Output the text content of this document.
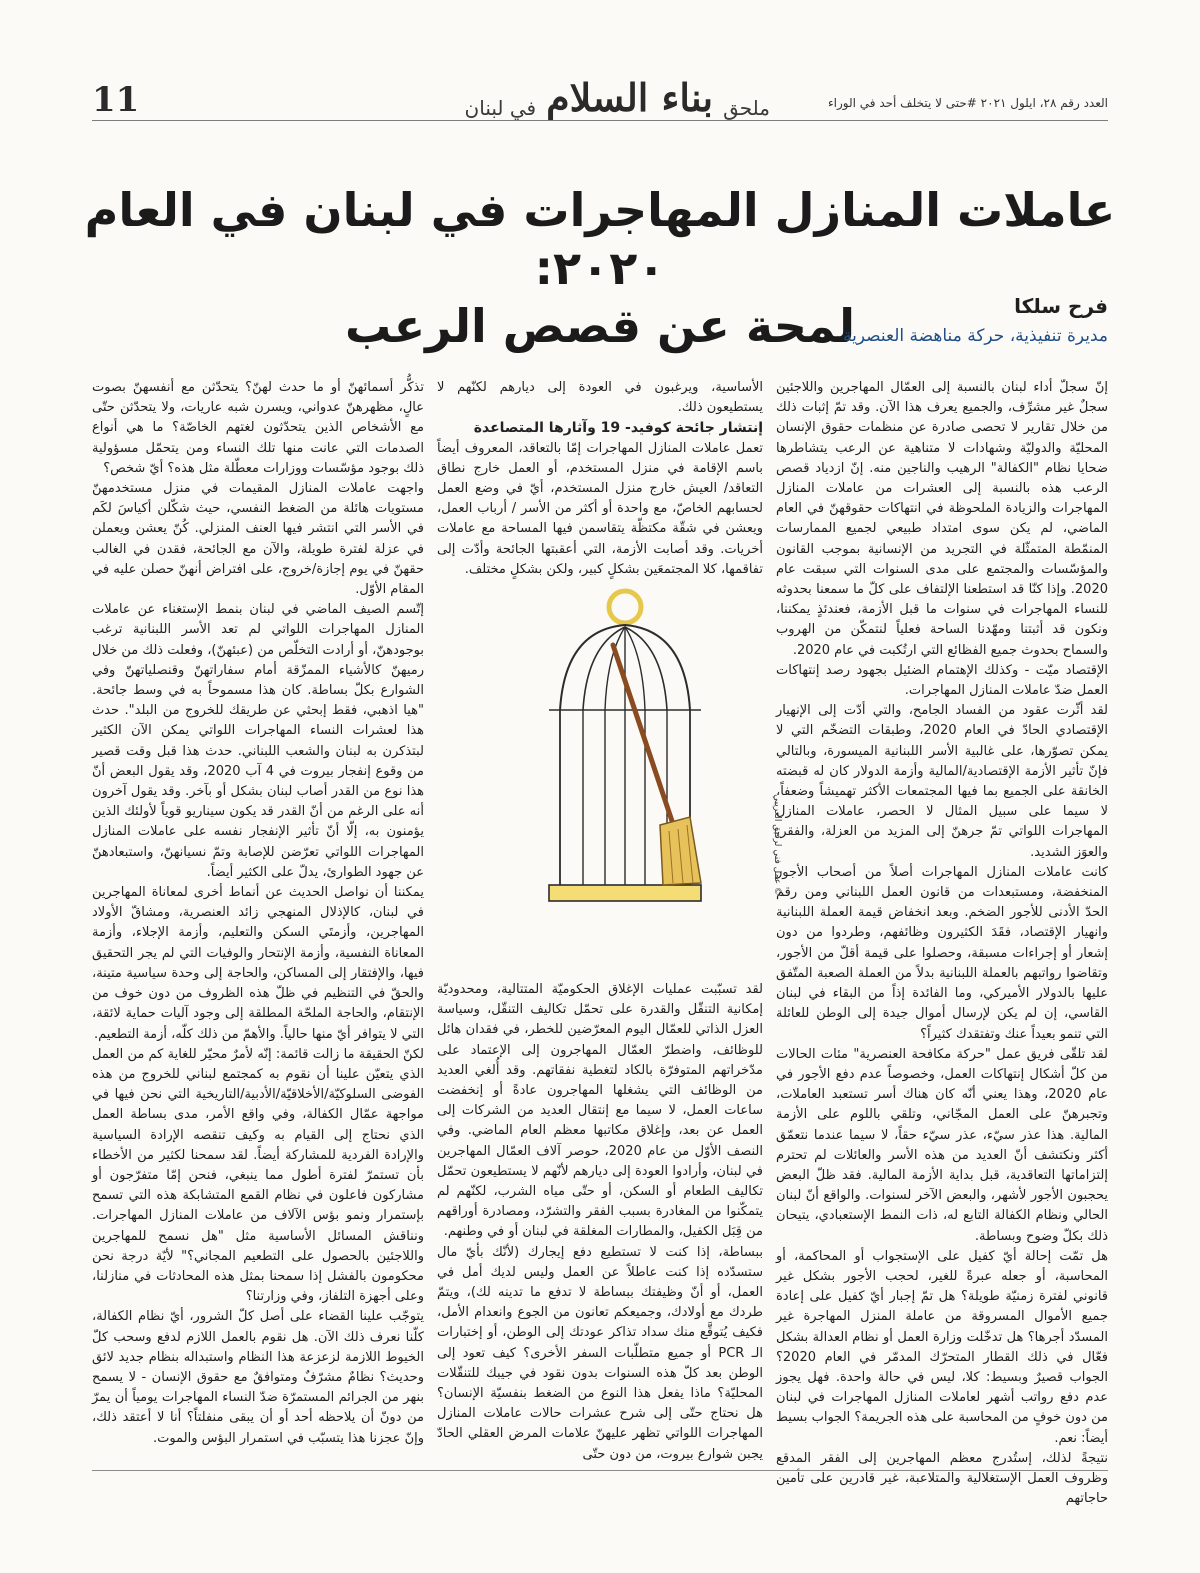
11	ملحق
بناء السلام
في لبنان	العدد رقم ٢٨، ايلول ٢٠٢١ #حتى لا يتخلف أحد في الوراء
عاملات المنازل المهاجرات في لبنان في العام ٢٠٢٠:
لمحة عن قصص الرعب	فرح سلكا
مديرة تنفيذية، حركة مناهضة العنصرية

إنّ سجلّ أداء لبنان بالنسبة إلى العمّال المهاجرين واللاجئين سجلٌ غير مشرِّف، والجميع يعرف هذا الآن. وقد تمّ إثبات ذلك من خلال تقارير لا تحصى صادرة عن منظمات حقوق الإنسان المحليّة والدوليّة وشهادات لا متناهية عن الرعب يتشاطرها ضحايا نظام "الكفالة" الرهيب والناجين منه. إنّ ازدياد قصص الرعب هذه بالنسبة إلى العشرات من عاملات المنازل المهاجرات والزيادة الملحوظة في انتهاكات حقوقهنّ في العام الماضي، لم يكن سوى امتداد طبيعي لجميع الممارسات المنمّطة المتمثّلة في التجريد من الإنسانية بموجب القانون والمؤسّسات والمجتمع على مدى السنوات التي سبقت عام 2020. وإذا كنّا قد استطعنا الإلتفاف على كلّ ما سمعنا بحدوثه للنساء المهاجرات في سنوات ما قبل الأزمة، فعندئذٍ يمكننا، ونكون قد أثبتنا ومهّدنا الساحة فعلياً لنتمكّن من الهروب والسماح بحدوث جميع الفظائع التي ارتُكبت في عام 2020.

الإقتصاد ميّت - وكذلك الإهتمام الضئيل بجهود رصد إنتهاكات العمل ضدّ عاملات المنازل المهاجرات.

لقد أثّرت عقود من الفساد الجامح، والتي أدّت إلى الإنهيار الإقتصادي الحادّ في العام 2020، وطبقات التضخّم التي لا يمكن تصوّرها، على غالبية الأسر اللبنانية الميسورة، وبالتالي فإنّ تأثير الأزمة الإقتصادية/المالية وأزمة الدولار كان له قبضته الخانقة على الجميع بما فيها المجتمعات الأكثر تهميشاً وضعفاً، لا سيما على سبيل المثال لا الحصر، عاملات المنازل المهاجرات اللواتي تمّ جرهنّ إلى المزيد من العزلة، والفقر، والعوَز الشديد.

كانت عاملات المنازل المهاجرات أصلاً من أصحاب الأجور المنخفضة، ومستبعدات من قانون العمل اللبناني ومن رقم الحدّ الأدنى للأجور الضخم. وبعد انخفاض قيمة العملة اللبنانية وانهيار الإقتصاد، فقَدَ الكثيرون وظائفهم، وطردوا من دون إشعار أو إجراءات مسبقة، وحصلوا على قيمة أقلّ من الأجور، وتقاضوا رواتبهم بالعملة اللبنانية بدلاً من العملة الصعبة المتّفق عليها بالدولار الأميركي، وما الفائدة إذاً من البقاء في لبنان القاسي، إن لم يكن لإرسال أموال جيدة إلى الوطن للعائلة التي تنمو بعيداً عنك وتفتقدك كثيراً؟

لقد تلقّى فريق عمل "حركة مكافحة العنصرية" مئات الحالات من كلّ أشكال إنتهاكات العمل، وخصوصاً عدم دفع الأجور في عام 2020، وهذا يعني أنّه كان هناك أسر تستعبد العاملات، وتجبرهنّ على العمل المجّاني، وتلقي باللوم على الأزمة المالية. هذا عذر سيّء، عذر سيّء حقاً، لا سيما عندما نتعمّق أكثر ونكتشف أنّ العديد من هذه الأسر والعائلات لم تحترم إلتزاماتها التعاقدية، قبل بداية الأزمة المالية. فقد ظلّ البعض يحجبون الأجور لأشهر، والبعض الآخر لسنوات. والواقع أنّ لبنان الحالي ونظام الكفالة التابع له، ذات النمط الإستعبادي، يتيحان ذلك بكلّ وضوح وبساطة.

هل تمّت إحالة أيّ كفيل على الإستجواب أو المحاكمة، أو المحاسبة، أو جعله عبرةً للغير، لحجب الأجور بشكل غير قانوني لفترة زمنيّة طويلة؟ هل تمّ إجبار أيّ كفيل على إعادة جميع الأموال المسروقة من عاملة المنزل المهاجرة غير المسدّد أجرها؟ هل تدخّلت وزارة العمل أو نظام العدالة بشكل فعّال في ذلك القطار المتحرّك المدمّر في العام 2020؟ الجواب قصيرٌ وبسيط: كلا، ليس في حالة واحدة. فهل يجوز عدم دفع رواتب أشهر لعاملات المنازل المهاجرات في لبنان من دون خوفٍ من المحاسبة على هذه الجريمة؟ الجواب بسيط أيضاً: نعم.

نتيجةً لذلك، إستُدرج معظم المهاجرين إلى الفقر المدقع وظروف العمل الإستغلالية والمتلاعبة، غير قادرين على تأمين حاجاتهم

الأساسية، ويرغبون في العودة إلى ديارهم لكنّهم لا يستطيعون ذلك.

إنتشار جائحة كوفيد- 19 وآثارها المتصاعدة

تعمل عاملات المنازل المهاجرات إمّا بالتعاقد، المعروف أيضاً باسم الإقامة في منزل المستخدم، أو العمل خارج نطاق التعاقد/ العيش خارج منزل المستخدم، أيّ في وضع العمل لحسابهم الخاصّ، مع واحدة أو أكثر من الأسر / أرباب العمل، ويعشن في شقّة مكتظّة يتقاسمن فيها المساحة مع عاملات أخريات. وقد أصابت الأزمة، التي أعقبتها الجائحة وأدّت إلى تفاقمها، كلا المجتمعَين بشكلٍ كبير، ولكن بشكلٍ مختلف.

© عمل فني لرفيق العريبي

لقد تسبّبت عمليات الإغلاق الحكوميّة المتتالية، ومحدوديّة إمكانية التنقّل والقدرة على تحمّل تكاليف التنقّل، وسياسة العزل الذاتي للعمّال اليوم المعرّضين للخطر، في فقدان هائل للوظائف، واضطرّ العمّال المهاجرون إلى الإعتماد على مدّخراتهم المتوفرّة بالكاد لتغطية نفقاتهم. وقد أُلغي العديد من الوظائف التي يشغلها المهاجرون عادةً أو إنخفضت ساعات العمل، لا سيما مع إنتقال العديد من الشركات إلى العمل عن بعد، وإغلاق مكاتبها معظم العام الماضي. وفي النصف الأوّل من عام 2020، حوصر آلاف العمّال المهاجرين في لبنان، وأرادوا العودة إلى ديارهم لأنّهم لا يستطيعون تحمّل تكاليف الطعام أو السكن، أو حتّى مياه الشرب، لكنّهم لم يتمكّنوا من المغادرة بسبب الفقر والتشرّد، ومصادرة أوراقهم من قِبَل الكفيل، والمطارات المغلقة في لبنان أو في وطنهم.

ببساطة، إذا كنت لا تستطيع دفع إيجارك (لأنّك بأيّ مال ستسدّده إذا كنت عاطلاً عن العمل وليس لديك أمل في العمل، أو أنّ وظيفتك ببساطة لا تدفع ما تدينه لك)، ويتمّ طردك مع أولادك، وجميعكم تعانون من الجوع وانعدام الأمل، فكيف يُتوقَّع منك سداد تذاكر عودتك إلى الوطن، أو إختبارات الـ PCR أو جميع متطلّبات السفر الأخرى؟ كيف تعود إلى الوطن بعد كلّ هذه السنوات بدون نقود في جيبك للتنقّلات المحليّة؟ ماذا يفعل هذا النوع من الضغط بنفسيّة الإنسان؟ هل نحتاج حتّى إلى شرح عشرات حالات عاملات المنازل المهاجرات اللواتي تظهر عليهنّ علامات المرض العقلي الحادّ يجبن شوارع بيروت، من دون حتّى

تذكُّر أسمائهنّ أو ما حدث لهنّ؟ يتحدّثن مع أنفسهنّ بصوت عالٍ، مظهرهنّ عدواني، ويسرن شبه عاريات، ولا يتحدّثن حتّى مع الأشخاص الذين يتحدّثون لغتهم الخاصّة؟ ما هي أنواع الصدمات التي عانت منها تلك النساء ومن يتحمّل مسؤولية ذلك بوجود مؤسّسات ووزارات معطّلة مثل هذه؟ أيّ شخص؟

واجهت عاملات المنازل المقيمات في منزل مستخدمهنّ مستويات هائلة من الضغط النفسي، حيث شكّلن أكياسَ لكَم في الأسر التي انتشر فيها العنف المنزلي. كُنّ يعشن ويعملن في عزلة لفترة طويلة، والآن مع الجائحة، فقدن في الغالب حقهنّ في يوم إجازة/خروج، على افتراض أنهنّ حصلن عليه في المقام الأوّل.

إتّسم الصيف الماضي في لبنان بنمط الإستغناء عن عاملات المنازل المهاجرات اللواتي لم تعد الأسر اللبنانية ترغب بوجودهنّ، أو أرادت التخلّص من (عبئهنّ)، وفعلت ذلك من خلال رميهنّ كالأشياء الممزّقة أمام سفاراتهنّ وقنصلياتهنّ وفي الشوارع بكلّ بساطة. كان هذا مسموحاً به في وسط جائحة. "هيا اذهبي، فقط إبحثي عن طريقك للخروج من البلد". حدث هذا لعشرات النساء المهاجرات اللواتي يمكن الآن الكثير لبتذكرن به لبنان والشعب اللبناني. حدث هذا قبل وقت قصير من وقوع إنفجار بيروت في 4 آب 2020، وقد يقول البعض أنّ هذا نوع من القدر أصاب لبنان بشكل أو بآخر. وقد يقول آخرون أنه على الرغم من أنّ القدر قد يكون سيناريو قوياً لأولئك الذين يؤمنون به، إلّا أنّ تأثير الإنفجار نفسه على عاملات المنازل المهاجرات اللواتي تعرّضن للإصابة وتمّ نسيانهنّ، واستبعادهنّ عن جهود الطوارئ، يدلّ على الكثير أيضاً.

يمكننا أن نواصل الحديث عن أنماط أخرى لمعاناة المهاجرين في لبنان، كالإذلال المنهجي زائد العنصرية، ومشاقّ الأولاد المهاجرين، وأزمتَي السكن والتعليم، وأزمة الإجلاء، وأزمة المعاناة النفسية، وأزمة الإنتحار والوفيات التي لم يجر التحقيق فيها، والإفتقار إلى المساكن، والحاجة إلى وحدة سياسية متينة، والحقّ في التنظيم في ظلّ هذه الظروف من دون خوف من الإنتقام، والحاجة الملحّة المطلقة إلى وجود آليات حماية لائقة، التي لا يتوافر أيّ منها حالياً. والأهمّ من ذلك كلّه، أزمة التطعيم.

لكنّ الحقيقة ما زالت قائمة: إنّه لأمرٌ محيّر للغاية كم من العمل الذي يتعيّن علينا أن نقوم به كمجتمع لبناني للخروج من هذه الفوضى السلوكيّة/الأخلاقيّة/الأدبية/التاريخية التي نحن فيها في مواجهة عمّال الكفالة، وفي واقع الأمر، مدى بساطة العمل الذي نحتاج إلى القيام به وكيف تنقصه الإرادة السياسية والإرادة الفردية للمشاركة أيضاً. لقد سمحنا لكثير من الأخطاء بأن تستمرّ لفترة أطول مما ينبغي، فنحن إمّا متفرّجون أو مشاركون فاعلون في نظام القمع المتشابكة هذه التي تسمح بإستمرار ونمو بؤس الآلاف من عاملات المنازل المهاجرات. ونناقش المسائل الأساسية مثل "هل نسمح للمهاجرين واللاجئين بالحصول على التطعيم المجاني؟" لأيّة درجة نحن محكومون بالفشل إذا سمحنا بمثل هذه المحادثات في منازلنا، وعلى أجهزة التلفاز، وفي وزارتنا؟

يتوجّب علينا القضاء على أصل كلّ الشرور، أيّ نظام الكفالة، كلّنا نعرف ذلك الآن. هل نقوم بالعمل اللازم لدفع وسحب كلّ الخيوط اللازمة لزعزعة هذا النظام واستبداله بنظام جديد لائق وحديث؟ نظامٌ مشرّفٌ ومتوافقٌ مع حقوق الإنسان - لا يسمح بنهر من الجرائم المستمرّة ضدّ النساء المهاجرات يومياً أن يمرّ من دونّ أن يلاحظه أحد أو أن يبقى منفلتاً؟ أنا لا أعتقد ذلك، وإنّ عجزنا هذا يتسبّب في استمرار البؤس والموت.
